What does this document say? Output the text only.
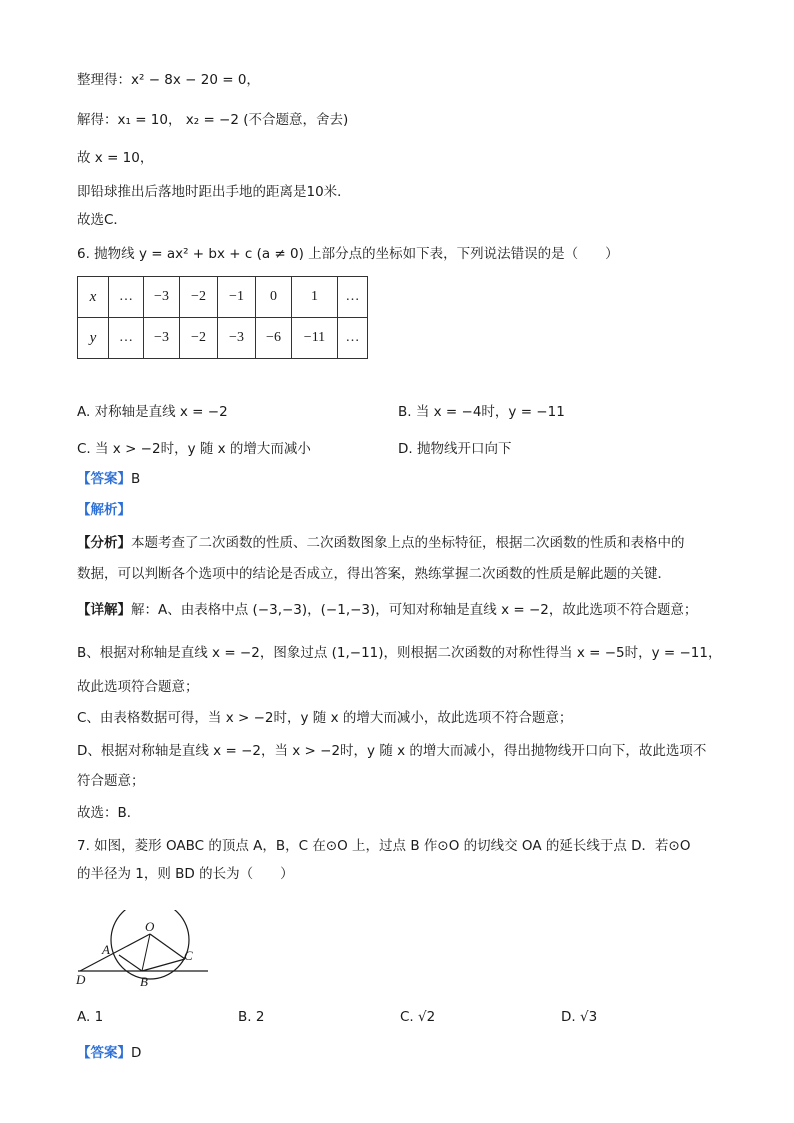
整理得：x² − 8x − 20 = 0，
解得：x₁ = 10， x₂ = −2 (不合题意，舍去)
故 x = 10，
即铅球推出后落地时距出手地的距离是10米．
故选C．
6. 抛物线 y = ax² + bx + c (a ≠ 0) 上部分点的坐标如下表，下列说法错误的是（　　）
x	…	−3	−2	−1	0	1	…
y	…	−3	−2	−3	−6	−11	…
A. 对称轴是直线 x = −2	B. 当 x = −4时，y = −11
C. 当 x > −2时，y 随 x 的增大而减小	D. 抛物线开口向下
【答案】B
【解析】
【分析】本题考查了二次函数的性质、二次函数图象上点的坐标特征，根据二次函数的性质和表格中的
数据，可以判断各个选项中的结论是否成立，得出答案，熟练掌握二次函数的性质是解此题的关键．
【详解】解：A、由表格中点 (−3,−3)，(−1,−3)，可知对称轴是直线 x = −2，故此选项不符合题意；
B、根据对称轴是直线 x = −2，图象过点 (1,−11)，则根据二次函数的对称性得当 x = −5时，y = −11，
故此选项符合题意；
C、由表格数据可得，当 x > −2时，y 随 x 的增大而减小，故此选项不符合题意；
D、根据对称轴是直线 x = −2，当 x > −2时，y 随 x 的增大而减小，得出抛物线开口向下，故此选项不
符合题意；
故选：B．
7. 如图，菱形 OABC 的顶点 A，B，C 在⊙O 上，过点 B 作⊙O 的切线交 OA 的延长线于点 D．若⊙O
的半径为 1，则 BD 的长为（　　）
O
A	C
D	B
A. 1	B. 2	C. √2	D. √3
【答案】D
